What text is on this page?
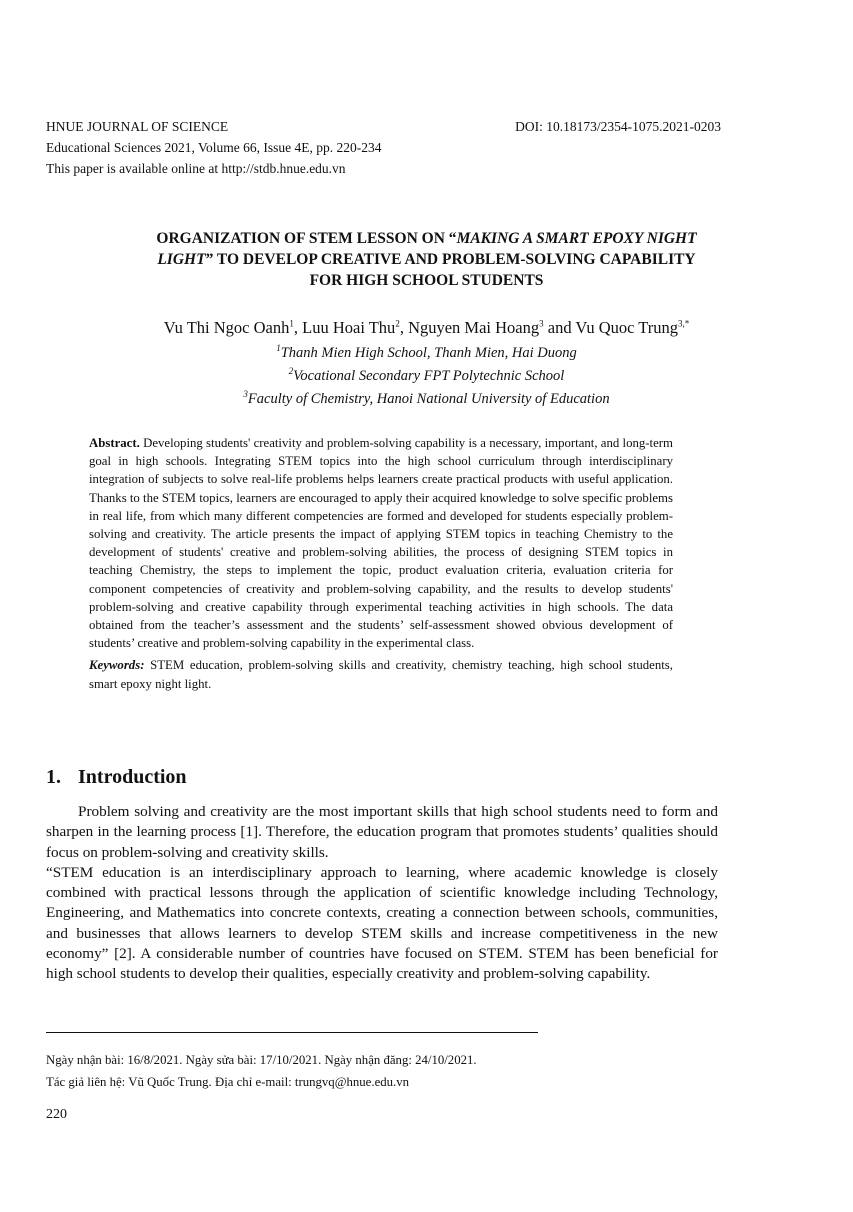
HNUE JOURNAL OF SCIENCE	DOI: 10.18173/2354-1075.2021-0203
Educational Sciences 2021, Volume 66, Issue 4E, pp. 220-234
This paper is available online at http://stdb.hnue.edu.vn
ORGANIZATION OF STEM LESSON ON “MAKING A SMART EPOXY NIGHT
LIGHT” TO DEVELOP CREATIVE AND PROBLEM-SOLVING CAPABILITY
FOR HIGH SCHOOL STUDENTS
Vu Thi Ngoc Oanh$^1$, Luu Hoai Thu$^2$, Nguyen Mai Hoang$^3$ and Vu Quoc Trung$^{3,*}$
$^1$Thanh Mien High School, Thanh Mien, Hai Duong
$^2$Vocational Secondary FPT Polytechnic School
$^3$Faculty of Chemistry, Hanoi National University of Education

Abstract. Developing students' creativity and problem-solving capability is a necessary, important, and long-term goal in high schools. Integrating STEM topics into the high school curriculum through interdisciplinary integration of subjects to solve real-life problems helps learners create practical products with useful application. Thanks to the STEM topics, learners are encouraged to apply their acquired knowledge to solve specific problems in real life, from which many different competencies are formed and developed for students especially problem-solving and creativity. The article presents the impact of applying STEM topics in teaching Chemistry to the development of students' creative and problem-solving abilities, the process of designing STEM topics in teaching Chemistry, the steps to implement the topic, product evaluation criteria, evaluation criteria for component competencies of creativity and problem-solving capability, and the results to develop students' problem-solving and creative capability through experimental teaching activities in high schools. The data obtained from the teacher’s assessment and the students’ self-assessment showed obvious development of students’ creative and problem-solving capability in the experimental class.

Keywords: STEM education, problem-solving skills and creativity, chemistry teaching, high school students, smart epoxy night light.

1. Introduction

Problem solving and creativity are the most important skills that high school students need to form and sharpen in the learning process [1]. Therefore, the education program that promotes students’ qualities should focus on problem-solving and creativity skills.

“STEM education is an interdisciplinary approach to learning, where academic knowledge is closely combined with practical lessons through the application of scientific knowledge including Technology, Engineering, and Mathematics into concrete contexts, creating a connection between schools, communities, and businesses that allows learners to develop STEM skills and increase competitiveness in the new economy” [2]. A considerable number of countries have focused on STEM. STEM has been beneficial for high school students to develop their qualities, especially creativity and problem-solving capability.

Ngày nhận bài: 16/8/2021. Ngày sửa bài: 17/10/2021. Ngày nhận đăng: 24/10/2021.
Tác giả liên hệ: Vũ Quốc Trung. Địa chỉ e-mail: trungvq@hnue.edu.vn
220
